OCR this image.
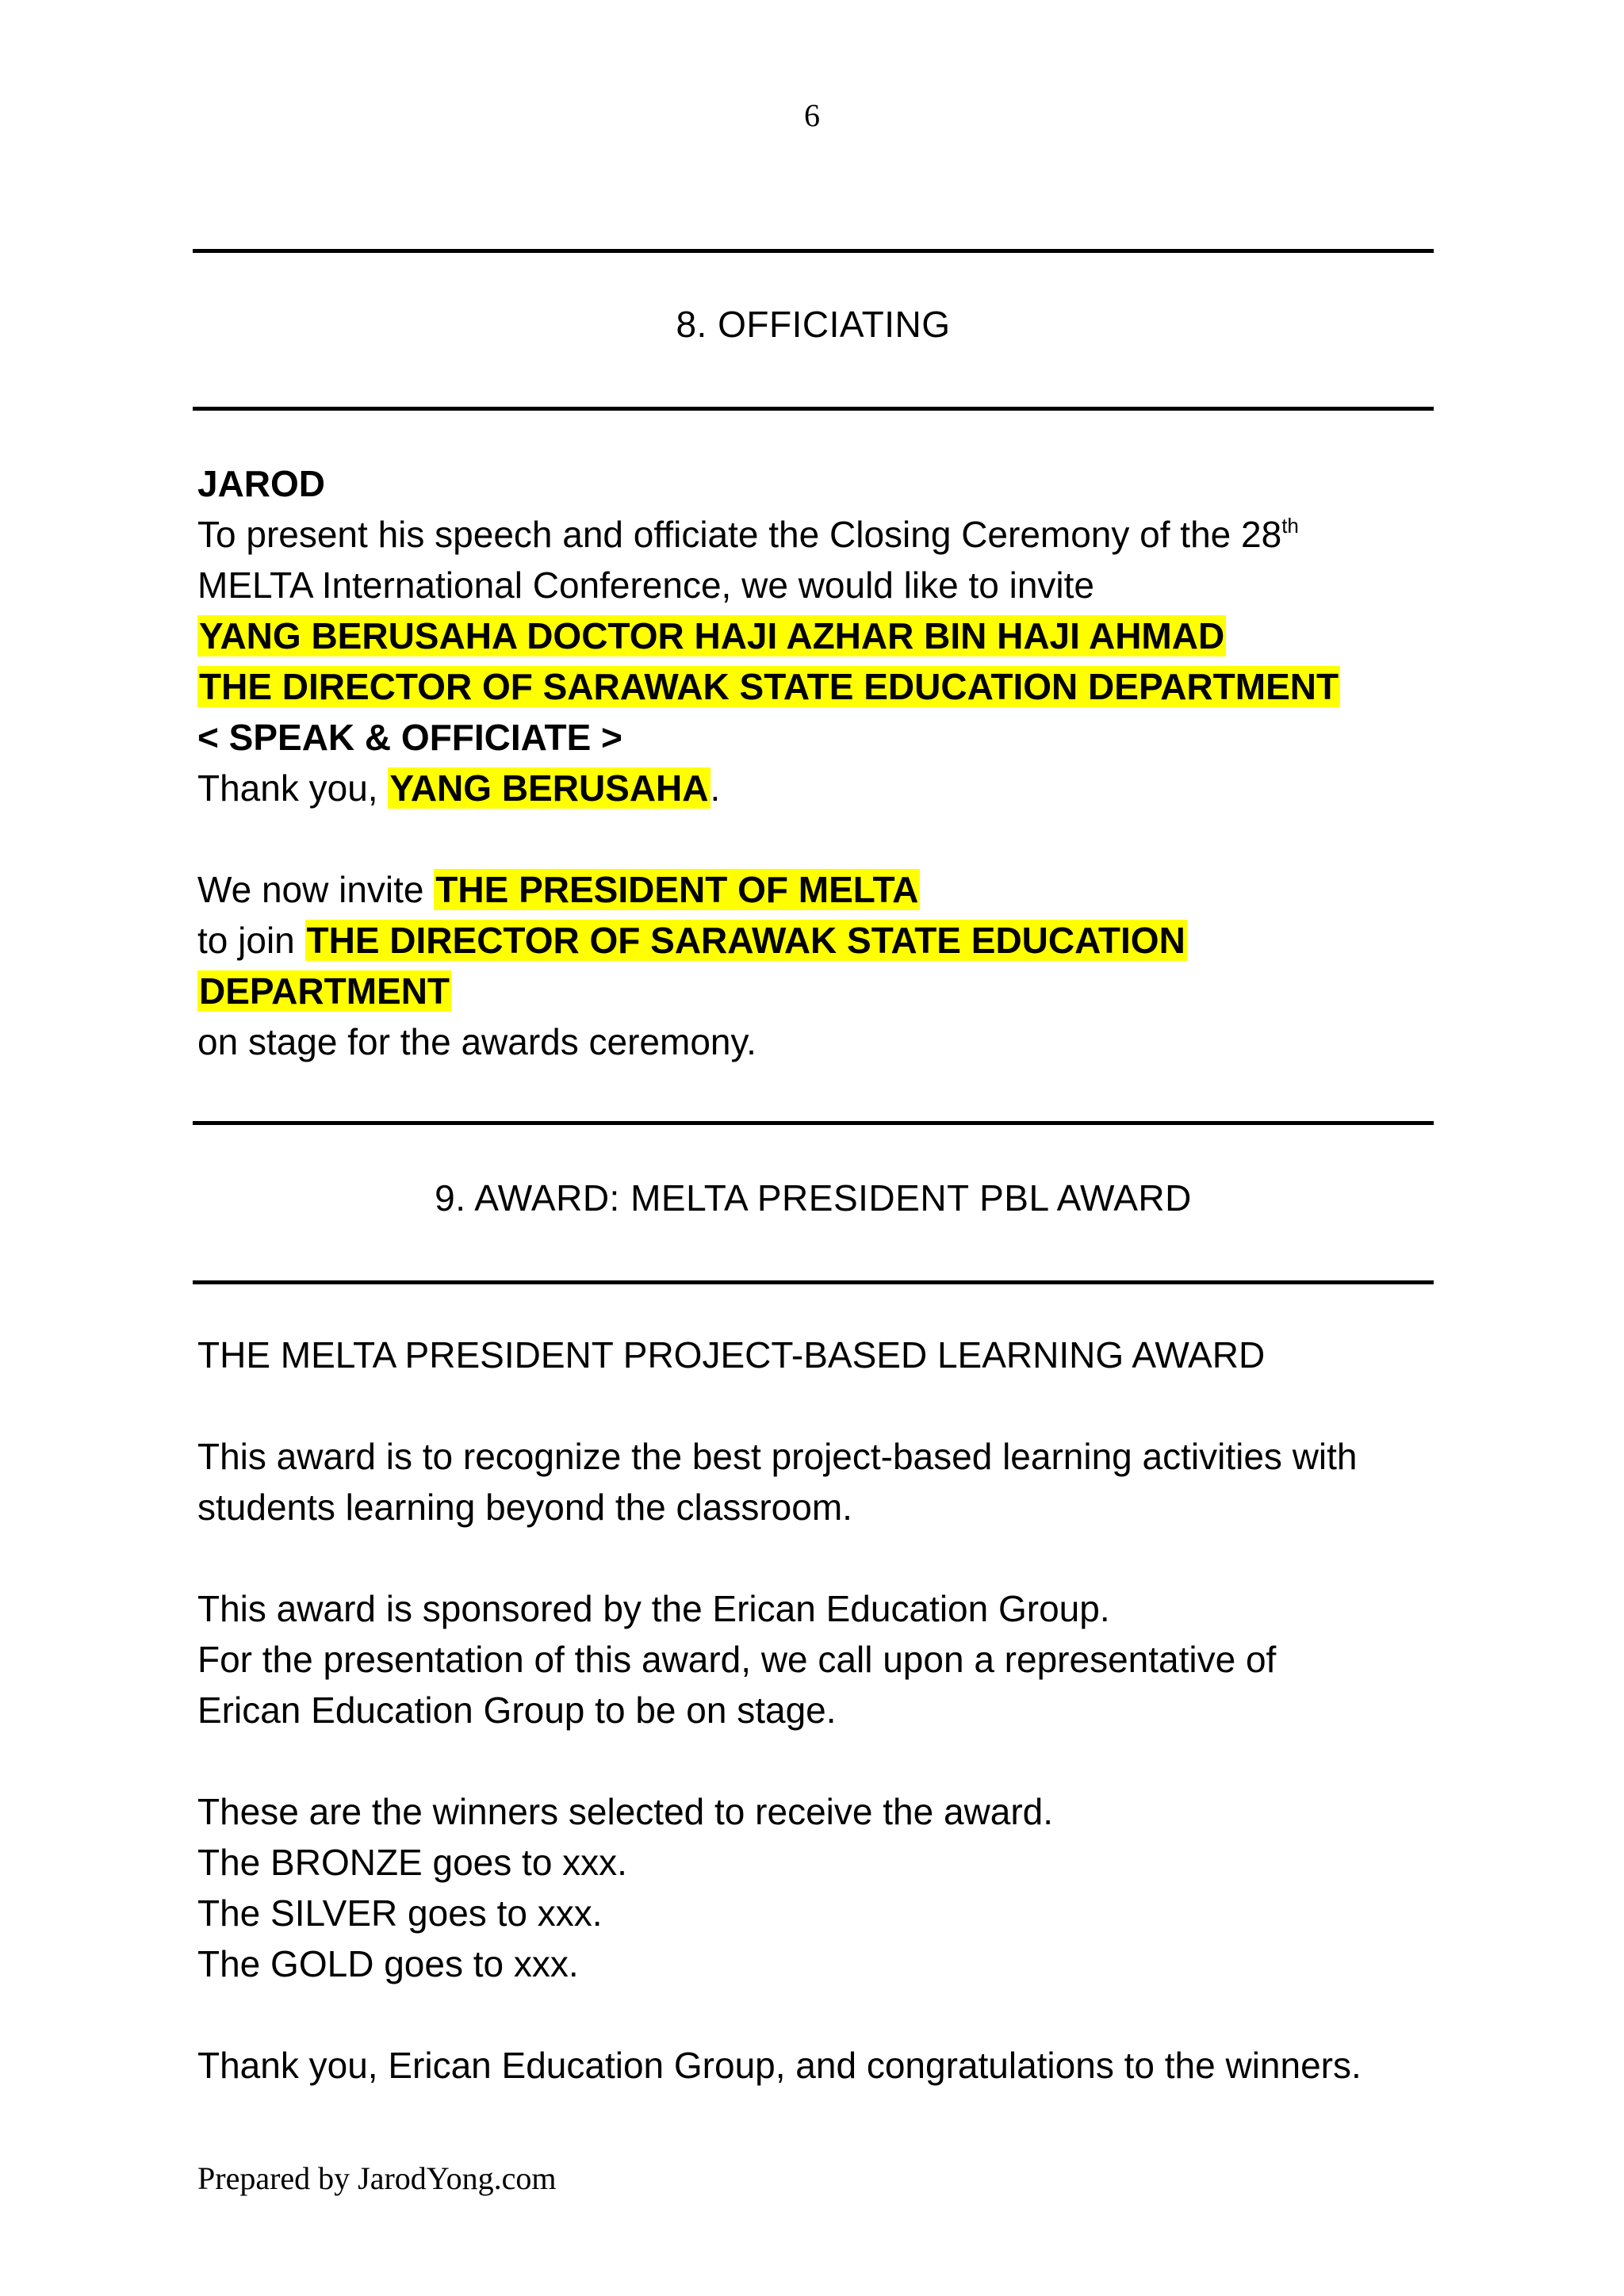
6
8. OFFICIATING
JAROD
To present his speech and officiate the Closing Ceremony of the 28th
MELTA International Conference, we would like to invite
YANG BERUSAHA DOCTOR HAJI AZHAR BIN HAJI AHMAD
THE DIRECTOR OF SARAWAK STATE EDUCATION DEPARTMENT
< SPEAK & OFFICIATE >
Thank you, YANG BERUSAHA.
We now invite THE PRESIDENT OF MELTA
to join THE DIRECTOR OF SARAWAK STATE EDUCATION
DEPARTMENT
on stage for the awards ceremony.
9. AWARD: MELTA PRESIDENT PBL AWARD
THE MELTA PRESIDENT PROJECT-BASED LEARNING AWARD
This award is to recognize the best project-based learning activities with
students learning beyond the classroom.
This award is sponsored by the Erican Education Group.
For the presentation of this award, we call upon a representative of
Erican Education Group to be on stage.
These are the winners selected to receive the award.
The BRONZE goes to xxx.
The SILVER goes to xxx.
The GOLD goes to xxx.
Thank you, Erican Education Group, and congratulations to the winners.
Prepared by JarodYong.com
